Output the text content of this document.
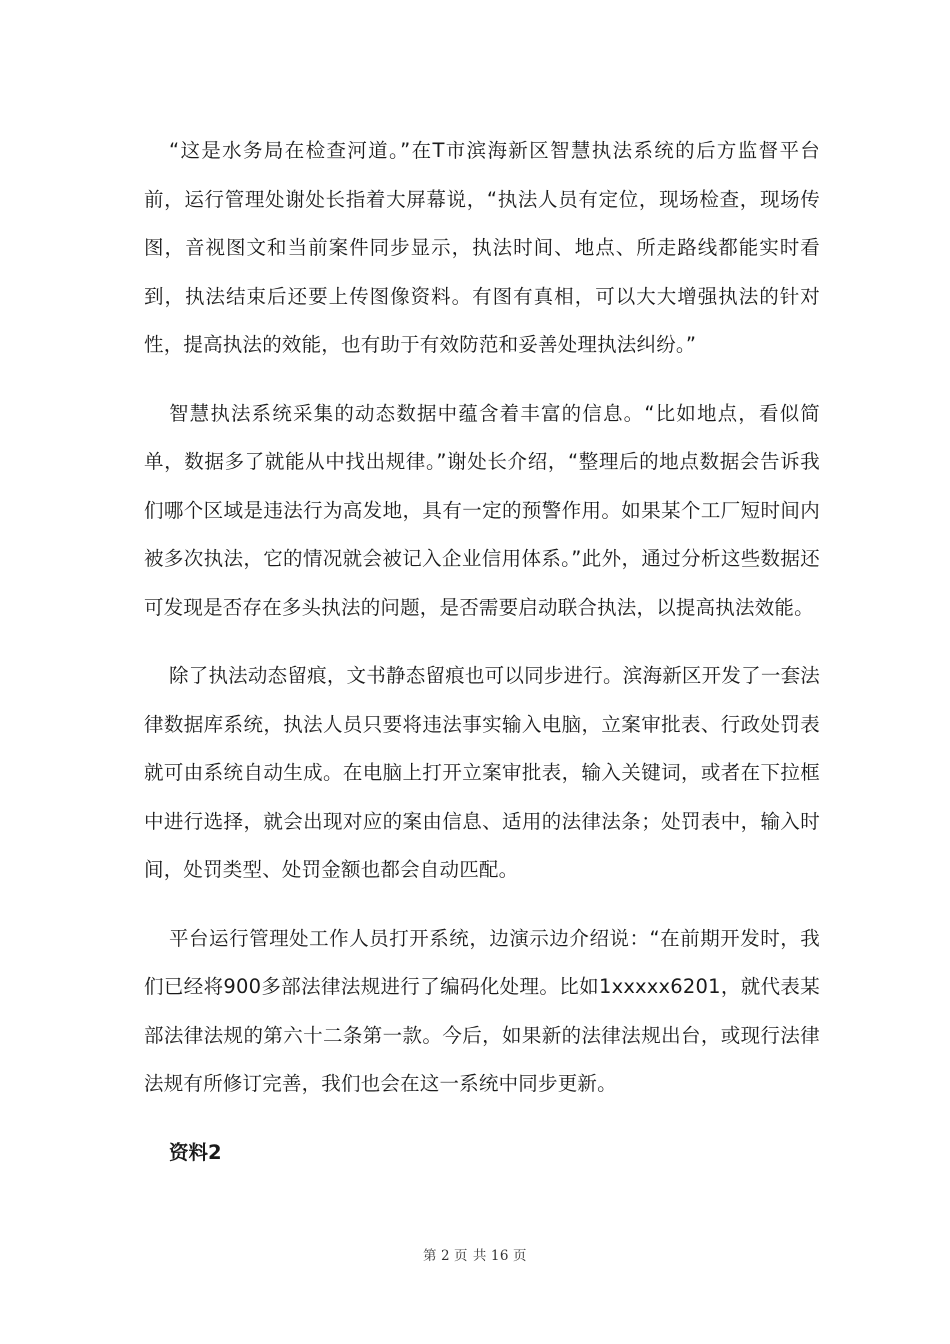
“这是水务局在检查河道。”在T市滨海新区智慧执法系统的后方监督平台前，运行管理处谢处长指着大屏幕说，“执法人员有定位，现场检查，现场传图，音视图文和当前案件同步显示，执法时间、地点、所走路线都能实时看到，执法结束后还要上传图像资料。有图有真相，可以大大增强执法的针对性，提高执法的效能，也有助于有效防范和妥善处理执法纠纷。”

智慧执法系统采集的动态数据中蕴含着丰富的信息。“比如地点，看似简单，数据多了就能从中找出规律。”谢处长介绍，“整理后的地点数据会告诉我们哪个区域是违法行为高发地，具有一定的预警作用。如果某个工厂短时间内被多次执法，它的情况就会被记入企业信用体系。”此外，通过分析这些数据还可发现是否存在多头执法的问题，是否需要启动联合执法，以提高执法效能。

除了执法动态留痕，文书静态留痕也可以同步进行。滨海新区开发了一套法律数据库系统，执法人员只要将违法事实输入电脑，立案审批表、行政处罚表就可由系统自动生成。在电脑上打开立案审批表，输入关键词，或者在下拉框中进行选择，就会出现对应的案由信息、适用的法律法条；处罚表中，输入时间，处罚类型、处罚金额也都会自动匹配。

平台运行管理处工作人员打开系统，边演示边介绍说：“在前期开发时，我们已经将900多部法律法规进行了编码化处理。比如1xxxxx6201，就代表某部法律法规的第六十二条第一款。今后，如果新的法律法规出台，或现行法律法规有所修订完善，我们也会在这一系统中同步更新。

资料2

第 2 页 共 16 页
